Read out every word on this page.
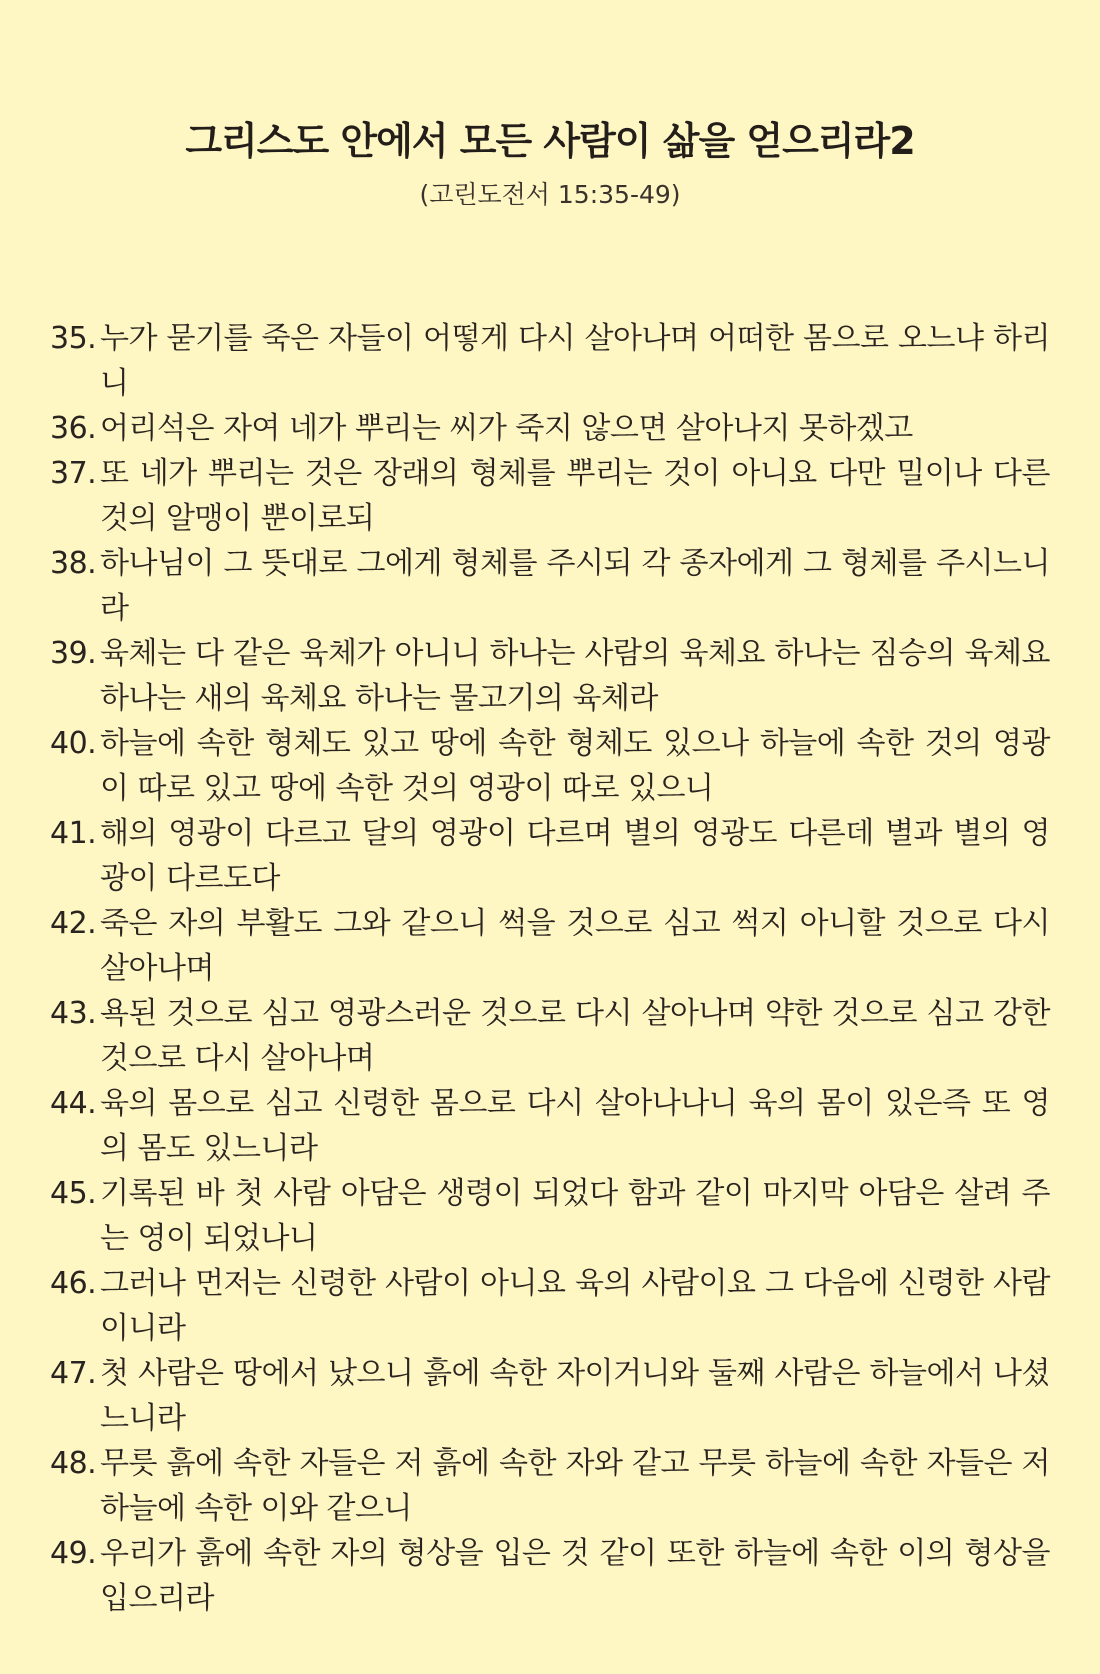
그리스도 안에서 모든 사람이 삶을 얻으리라2

(고린도전서 15:35-49)

35. 누가 묻기를 죽은 자들이 어떻게 다시 살아나며 어떠한 몸으로 오느냐 하리니
36. 어리석은 자여 네가 뿌리는 씨가 죽지 않으면 살아나지 못하겠고
37. 또 네가 뿌리는 것은 장래의 형체를 뿌리는 것이 아니요 다만 밀이나 다른 것의 알맹이 뿐이로되
38. 하나님이 그 뜻대로 그에게 형체를 주시되 각 종자에게 그 형체를 주시느니라
39. 육체는 다 같은 육체가 아니니 하나는 사람의 육체요 하나는 짐승의 육체요 하나는 새의 육체요 하나는 물고기의 육체라
40. 하늘에 속한 형체도 있고 땅에 속한 형체도 있으나 하늘에 속한 것의 영광이 따로 있고 땅에 속한 것의 영광이 따로 있으니
41. 해의 영광이 다르고 달의 영광이 다르며 별의 영광도 다른데 별과 별의 영광이 다르도다
42. 죽은 자의 부활도 그와 같으니 썩을 것으로 심고 썩지 아니할 것으로 다시 살아나며
43. 욕된 것으로 심고 영광스러운 것으로 다시 살아나며 약한 것으로 심고 강한 것으로 다시 살아나며
44. 육의 몸으로 심고 신령한 몸으로 다시 살아나나니 육의 몸이 있은즉 또 영의 몸도 있느니라
45. 기록된 바 첫 사람 아담은 생령이 되었다 함과 같이 마지막 아담은 살려 주는 영이 되었나니
46. 그러나 먼저는 신령한 사람이 아니요 육의 사람이요 그 다음에 신령한 사람이니라
47. 첫 사람은 땅에서 났으니 흙에 속한 자이거니와 둘째 사람은 하늘에서 나셨느니라
48. 무릇 흙에 속한 자들은 저 흙에 속한 자와 같고 무릇 하늘에 속한 자들은 저 하늘에 속한 이와 같으니
49. 우리가 흙에 속한 자의 형상을 입은 것 같이 또한 하늘에 속한 이의 형상을 입으리라
